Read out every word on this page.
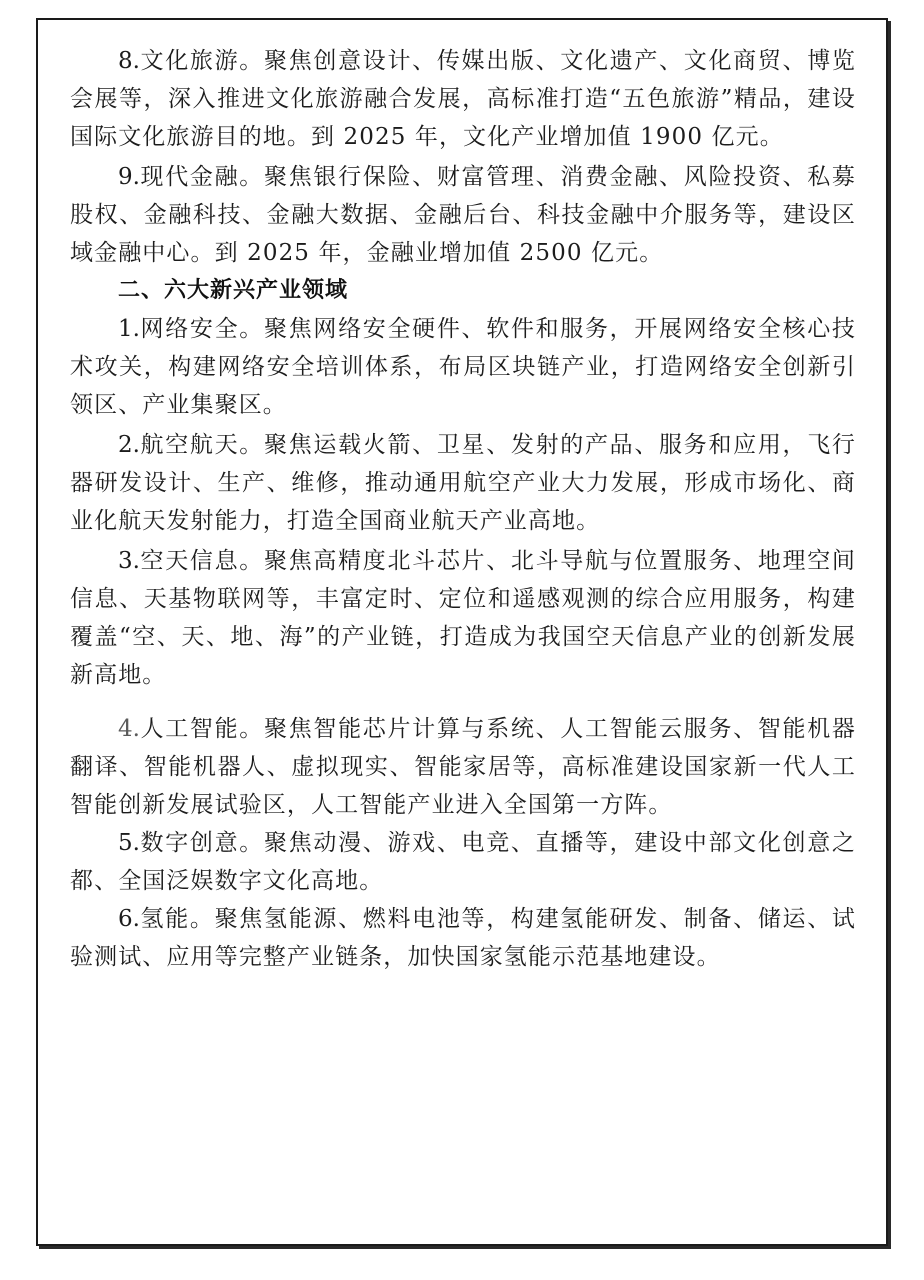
8.文化旅游。聚焦创意设计、传媒出版、文化遗产、文化商贸、博览会展等，深入推进文化旅游融合发展，高标准打造“五色旅游”精品，建设国际文化旅游目的地。到 2025 年，文化产业增加值 1900 亿元。

9.现代金融。聚焦银行保险、财富管理、消费金融、风险投资、私募股权、金融科技、金融大数据、金融后台、科技金融中介服务等，建设区域金融中心。到 2025 年，金融业增加值 2500 亿元。

二、六大新兴产业领域

1.网络安全。聚焦网络安全硬件、软件和服务，开展网络安全核心技术攻关，构建网络安全培训体系，布局区块链产业，打造网络安全创新引领区、产业集聚区。

2.航空航天。聚焦运载火箭、卫星、发射的产品、服务和应用，飞行器研发设计、生产、维修，推动通用航空产业大力发展，形成市场化、商业化航天发射能力，打造全国商业航天产业高地。

3.空天信息。聚焦高精度北斗芯片、北斗导航与位置服务、地理空间信息、天基物联网等，丰富定时、定位和遥感观测的综合应用服务，构建覆盖“空、天、地、海”的产业链，打造成为我国空天信息产业的创新发展新高地。

4.人工智能。聚焦智能芯片计算与系统、人工智能云服务、智能机器翻译、智能机器人、虚拟现实、智能家居等，高标准建设国家新一代人工智能创新发展试验区，人工智能产业进入全国第一方阵。

5.数字创意。聚焦动漫、游戏、电竞、直播等，建设中部文化创意之都、全国泛娱数字文化高地。

6.氢能。聚焦氢能源、燃料电池等，构建氢能研发、制备、储运、试验测试、应用等完整产业链条，加快国家氢能示范基地建设。
